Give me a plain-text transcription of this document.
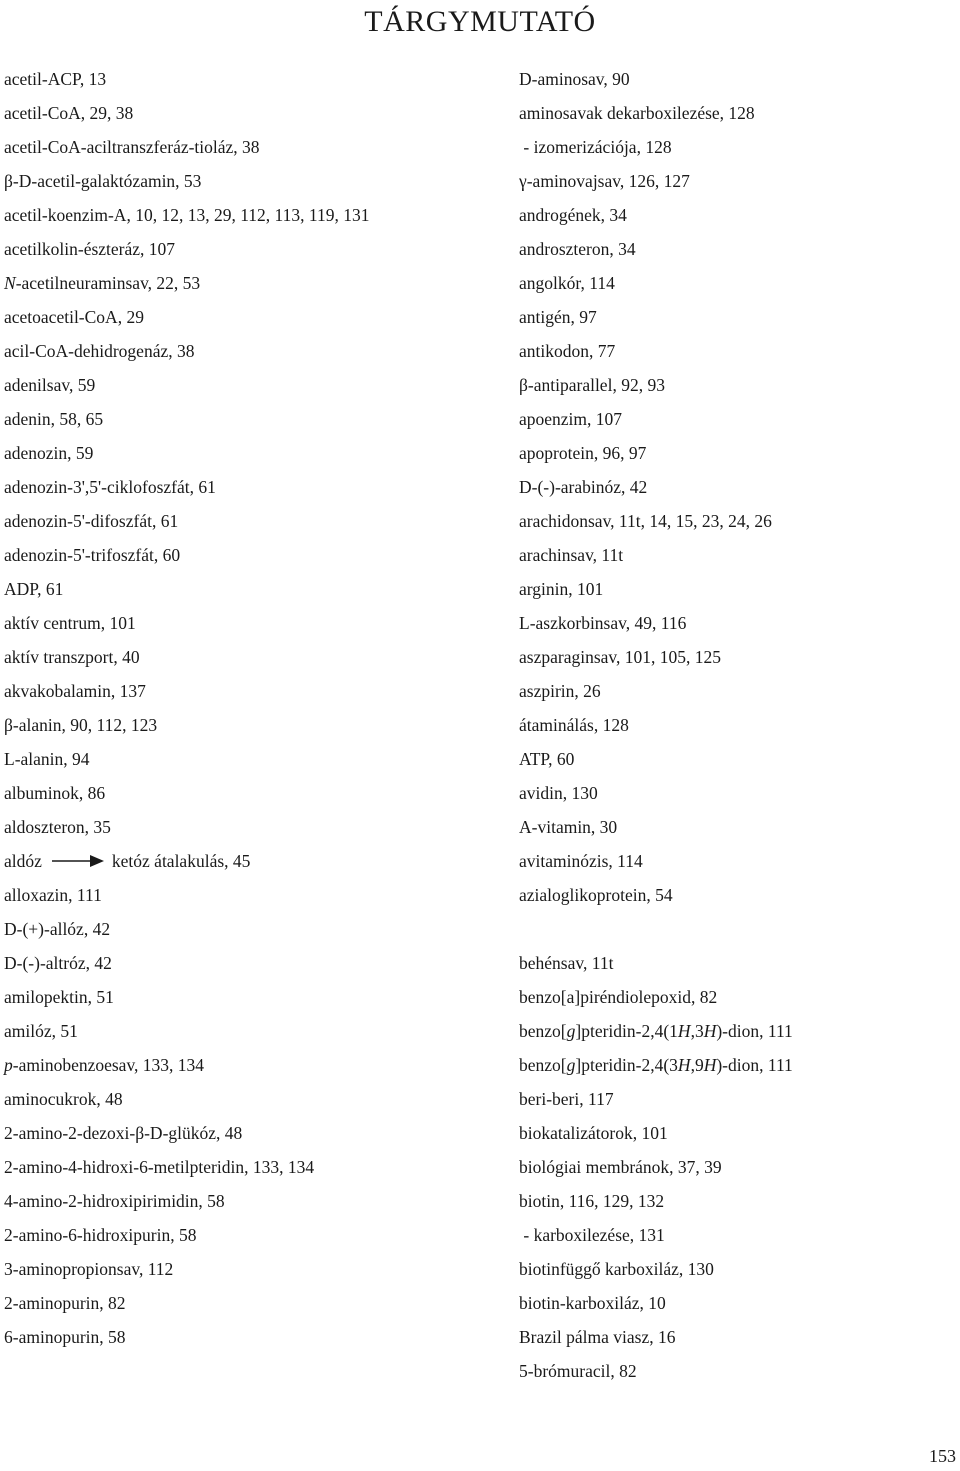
TÁRGYMUTATÓ
acetil-ACP, 13
acetil-CoA, 29, 38
acetil-CoA-aciltranszferáz-tioláz, 38
β-D-acetil-galaktózamin, 53
acetil-koenzim-A, 10, 12, 13, 29, 112, 113, 119, 131
acetilkolin-észteráz, 107
N-acetilneuraminsav, 22, 53
acetoacetil-CoA, 29
acil-CoA-dehidrogenáz, 38
adenilsav, 59
adenin, 58, 65
adenozin, 59
adenozin-3',5'-ciklofoszfát, 61
adenozin-5'-difoszfát, 61
adenozin-5'-trifoszfát, 60
ADP, 61
aktív centrum, 101
aktív transzport, 40
akvakobalamin, 137
β-alanin, 90, 112, 123
L-alanin, 94
albuminok, 86
aldoszteron, 35
aldóz	ketóz átalakulás, 45
alloxazin, 111
D-(+)-allóz, 42
D-(-)-altróz, 42
amilopektin, 51
amilóz, 51
p-aminobenzoesav, 133, 134
aminocukrok, 48
2-amino-2-dezoxi-β-D-glükóz, 48
2-amino-4-hidroxi-6-metilpteridin, 133, 134
4-amino-2-hidroxipirimidin, 58
2-amino-6-hidroxipurin, 58
3-aminopropionsav, 112
2-aminopurin, 82
6-aminopurin, 58
D-aminosav, 90
aminosavak dekarboxilezése, 128
- izomerizációja, 128
γ-aminovajsav, 126, 127
androgének, 34
androszteron, 34
angolkór, 114
antigén, 97
antikodon, 77
β-antiparallel, 92, 93
apoenzim, 107
apoprotein, 96, 97
D-(-)-arabinóz, 42
arachidonsav, 11t, 14, 15, 23, 24, 26
arachinsav, 11t
arginin, 101
L-aszkorbinsav, 49, 116
aszparaginsav, 101, 105, 125
aszpirin, 26
átaminálás, 128
ATP, 60
avidin, 130
A-vitamin, 30
avitaminózis, 114
azialoglikoprotein, 54
behénsav, 11t
benzo[a]piréndiolepoxid, 82
benzo[g]pteridin-2,4(1H,3H)-dion, 111
benzo[g]pteridin-2,4(3H,9H)-dion, 111
beri-beri, 117
biokatalizátorok, 101
biológiai membránok, 37, 39
biotin, 116, 129, 132
- karboxilezése, 131
biotinfüggő karboxiláz, 130
biotin-karboxiláz, 10
Brazil pálma viasz, 16
5-brómuracil, 82
153
